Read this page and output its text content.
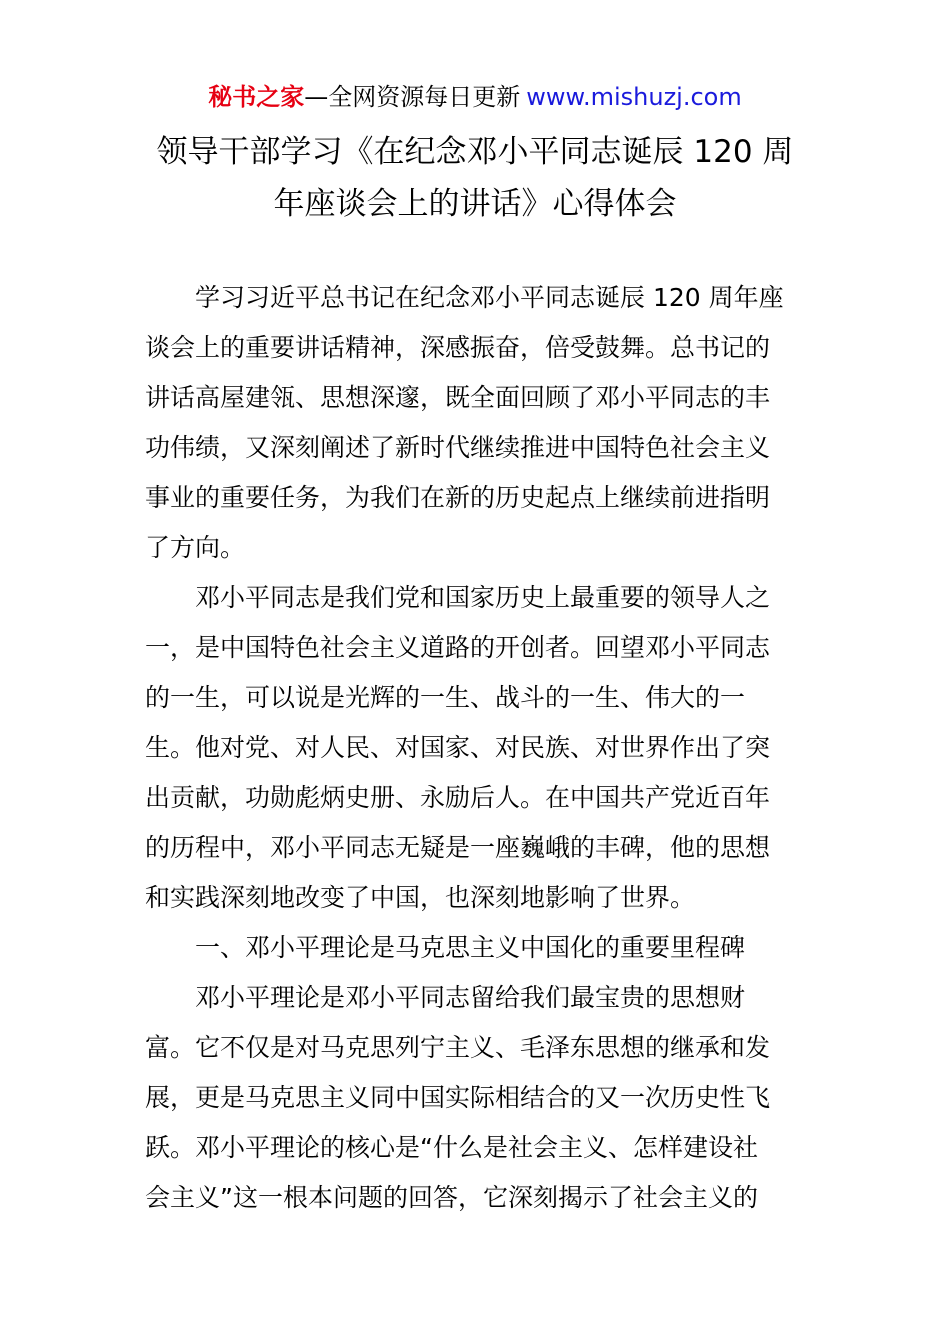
秘书之家—全网资源每日更新 www.mishuzj.com
领导干部学习《在纪念邓小平同志诞辰 120 周
年座谈会上的讲话》心得体会
学习习近平总书记在纪念邓小平同志诞辰 120 周年座
谈会上的重要讲话精神，深感振奋，倍受鼓舞。总书记的
讲话高屋建瓴、思想深邃，既全面回顾了邓小平同志的丰
功伟绩，又深刻阐述了新时代继续推进中国特色社会主义
事业的重要任务，为我们在新的历史起点上继续前进指明
了方向。
邓小平同志是我们党和国家历史上最重要的领导人之
一，是中国特色社会主义道路的开创者。回望邓小平同志
的一生，可以说是光辉的一生、战斗的一生、伟大的一
生。他对党、对人民、对国家、对民族、对世界作出了突
出贡献，功勋彪炳史册、永励后人。在中国共产党近百年
的历程中，邓小平同志无疑是一座巍峨的丰碑，他的思想
和实践深刻地改变了中国，也深刻地影响了世界。
一、邓小平理论是马克思主义中国化的重要里程碑
邓小平理论是邓小平同志留给我们最宝贵的思想财
富。它不仅是对马克思列宁主义、毛泽东思想的继承和发
展，更是马克思主义同中国实际相结合的又一次历史性飞
跃。邓小平理论的核心是“什么是社会主义、怎样建设社
会主义”这一根本问题的回答，它深刻揭示了社会主义的
